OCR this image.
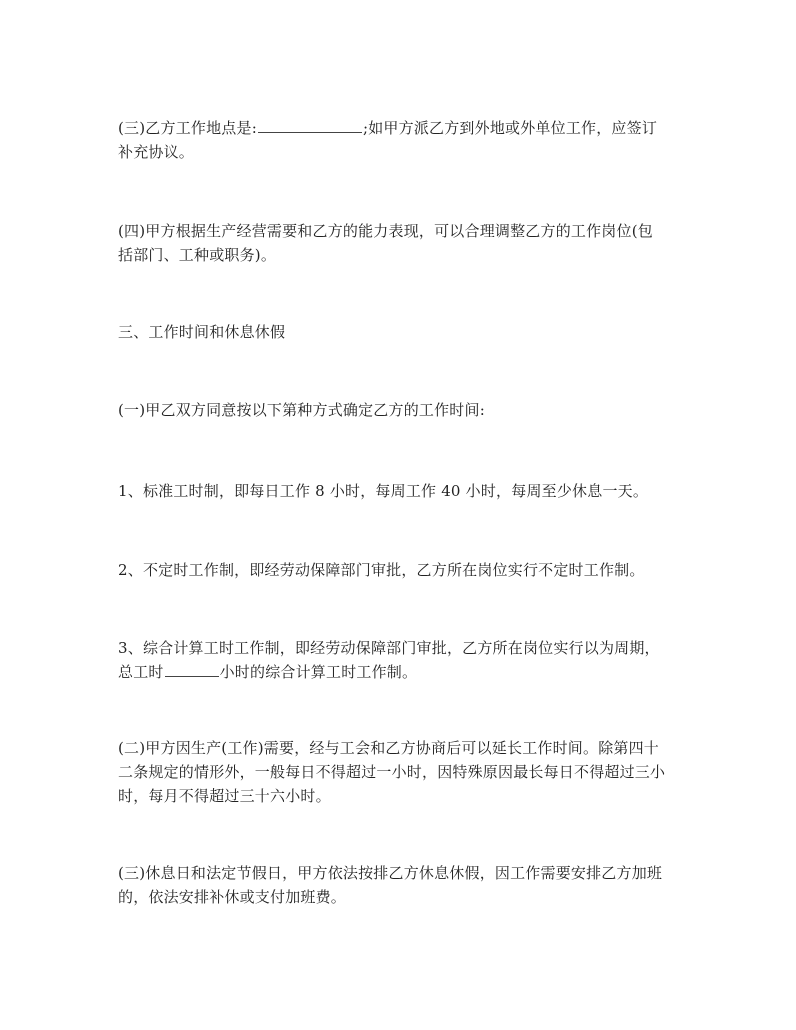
(三)乙方工作地点是:	;如甲方派乙方到外地或外单位工作，应签订
补充协议。

(四)甲方根据生产经营需要和乙方的能力表现，可以合理调整乙方的工作岗位(包
括部门、工种或职务)。

三、工作时间和休息休假

(一)甲乙双方同意按以下第种方式确定乙方的工作时间:

1、标准工时制，即每日工作 8 小时，每周工作 40 小时，每周至少休息一天。

2、不定时工作制，即经劳动保障部门审批，乙方所在岗位实行不定时工作制。

3、综合计算工时工作制，即经劳动保障部门审批，乙方所在岗位实行以为周期，
总工时	小时的综合计算工时工作制。

(二)甲方因生产(工作)需要，经与工会和乙方协商后可以延长工作时间。除第四十
二条规定的情形外，一般每日不得超过一小时，因特殊原因最长每日不得超过三小
时，每月不得超过三十六小时。

(三)休息日和法定节假日，甲方依法按排乙方休息休假，因工作需要安排乙方加班
的，依法安排补休或支付加班费。
